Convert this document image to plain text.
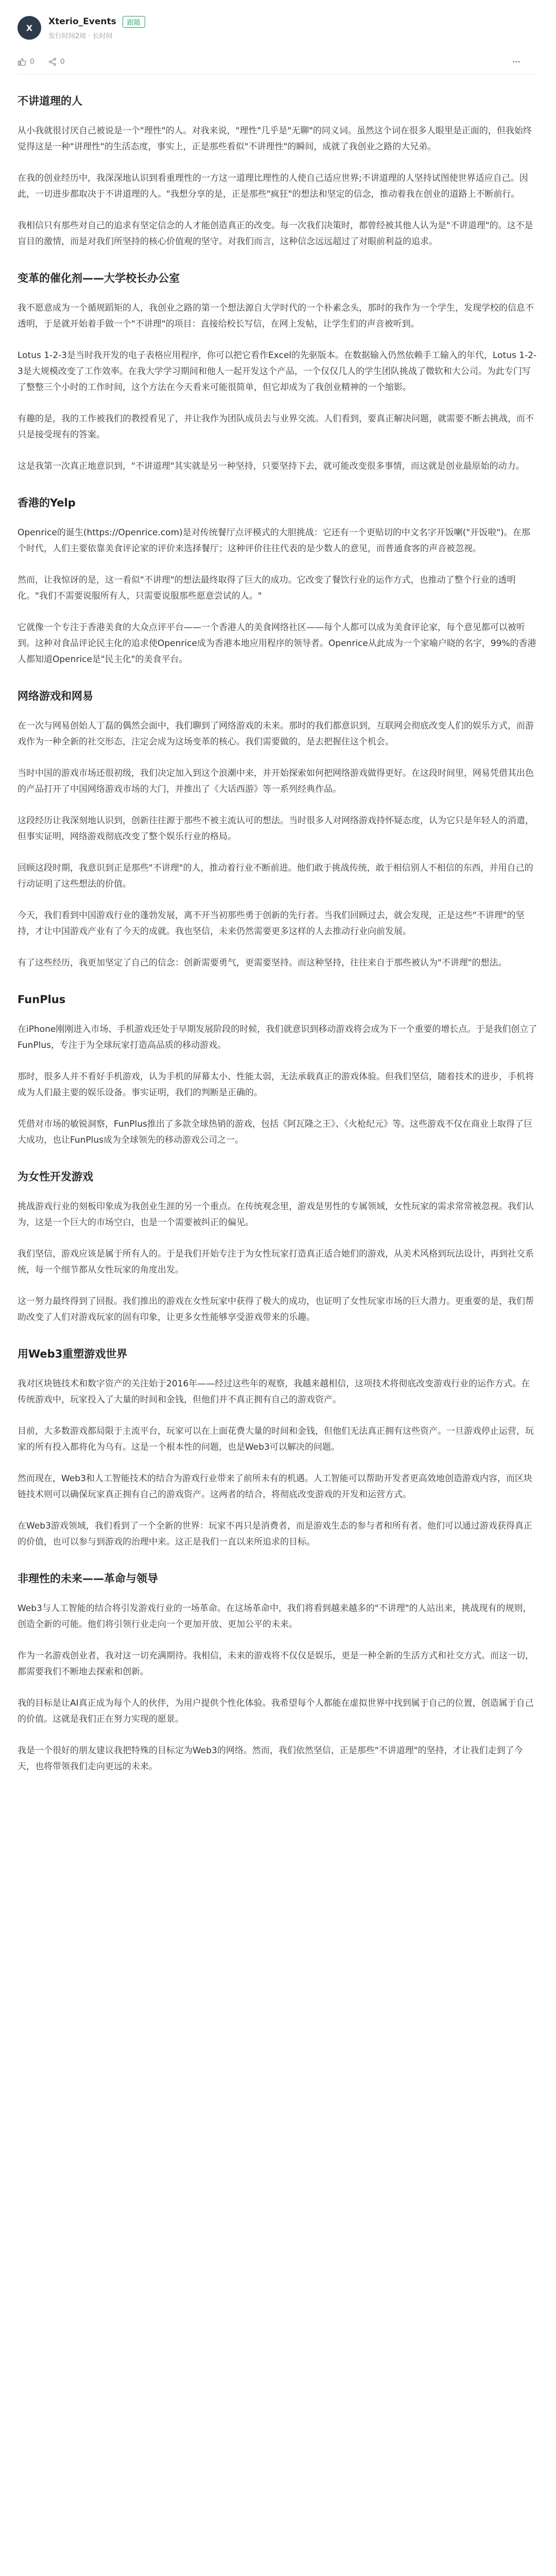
X
Xterio_Events	跟随
发行时间2周 · 长时间
0	0
不讲道理的人

从小我就很讨厌自己被说是一个"理性"的人。对我来说，"理性"几乎是"无聊"的同义词。虽然这个词在很多人眼里是正面的，但我始终觉得这是一种"讲理性"的生活态度，事实上，正是那些看似"不讲理性"的瞬间，成就了我创业之路的大兄弟。

在我的创业经历中，我深深地认识到看重理性的一方这一道理比理性的人使自己适应世界;不讲道理的人坚持试图使世界适应自己。因此，一切进步都取决于不讲道理的人。"我想分享的是，正是那些"疯狂"的想法和坚定的信念，推动着我在创业的道路上不断前行。

我相信只有那些对自己的追求有坚定信念的人才能创造真正的改变。每一次我们决策时，都曾经被其他人认为是"不讲道理"的。这不是盲目的激情，而是对我们所坚持的核心价值观的坚守。对我们而言，这种信念远远超过了对眼前利益的追求。

变革的催化剂——大学校长办公室

我不愿意成为一个循规蹈矩的人，我创业之路的第一个想法源自大学时代的一个朴素念头，那时的我作为一个学生，发现学校的信息不透明，于是就开始着手做一个"不讲理"的项目：直接给校长写信，在网上发帖，让学生们的声音被听到。

Lotus 1-2-3是当时我开发的电子表格应用程序，你可以把它看作Excel的先驱版本。在数据输入仍然依赖手工输入的年代，Lotus 1-2-3是大规模改变了工作效率。在我大学学习期间和他人一起开发这个产品，一个仅仅几人的学生团队挑战了微软和大公司。为此专门写了整整三个小时的工作时间，这个方法在今天看来可能很简单，但它却成为了我创业精神的一个缩影。

有趣的是，我的工作被我们的教授看见了，并让我作为团队成员去与业界交流。人们看到，要真正解决问题，就需要不断去挑战，而不只是接受现有的答案。

这是我第一次真正地意识到，"不讲道理"其实就是另一种坚持，只要坚持下去，就可能改变很多事情，而这就是创业最原始的动力。

香港的Yelp

Openrice的诞生(https://Openrice.com)是对传统餐厅点评模式的大胆挑战：它还有一个更贴切的中文名字开饭喇("开饭啦")。在那个时代，人们主要依靠美食评论家的评价来选择餐厅；这种评价往往代表的是少数人的意见，而普通食客的声音被忽视。

然而，让我惊讶的是，这一看似"不讲理"的想法最终取得了巨大的成功。它改变了餐饮行业的运作方式，也推动了整个行业的透明化。"我们不需要说服所有人，只需要说服那些愿意尝试的人。"

它就像一个专注于香港美食的大众点评平台——一个香港人的美食网络社区——每个人都可以成为美食评论家，每个意见都可以被听到。这种对食品评论民主化的追求使Openrice成为香港本地应用程序的领导者。Openrice从此成为一个家喻户晓的名字，99%的香港人都知道Openrice是"民主化"的美食平台。

网络游戏和网易

在一次与网易创始人丁磊的偶然会面中，我们聊到了网络游戏的未来。那时的我们都意识到，互联网会彻底改变人们的娱乐方式，而游戏作为一种全新的社交形态，注定会成为这场变革的核心。我们需要做的，是去把握住这个机会。

当时中国的游戏市场还很初级，我们决定加入到这个浪潮中来，并开始探索如何把网络游戏做得更好。在这段时间里，网易凭借其出色的产品打开了中国网络游戏市场的大门，并推出了《大话西游》等一系列经典作品。

这段经历让我深刻地认识到，创新往往源于那些不被主流认可的想法。当时很多人对网络游戏持怀疑态度，认为它只是年轻人的消遣，但事实证明，网络游戏彻底改变了整个娱乐行业的格局。

回顾这段时期，我意识到正是那些"不讲理"的人，推动着行业不断前进。他们敢于挑战传统，敢于相信别人不相信的东西，并用自己的行动证明了这些想法的价值。

今天，我们看到中国游戏行业的蓬勃发展，离不开当初那些勇于创新的先行者。当我们回顾过去，就会发现，正是这些"不讲理"的坚持，才让中国游戏产业有了今天的成就。我也坚信，未来仍然需要更多这样的人去推动行业向前发展。

有了这些经历，我更加坚定了自己的信念：创新需要勇气，更需要坚持。而这种坚持，往往来自于那些被认为"不讲理"的想法。

FunPlus

在iPhone刚刚进入市场、手机游戏还处于早期发展阶段的时候，我们就意识到移动游戏将会成为下一个重要的增长点。于是我们创立了FunPlus，专注于为全球玩家打造高品质的移动游戏。

那时，很多人并不看好手机游戏，认为手机的屏幕太小、性能太弱，无法承载真正的游戏体验。但我们坚信，随着技术的进步，手机将成为人们最主要的娱乐设备。事实证明，我们的判断是正确的。

凭借对市场的敏锐洞察，FunPlus推出了多款全球热销的游戏，包括《阿瓦隆之王》、《火枪纪元》等。这些游戏不仅在商业上取得了巨大成功，也让FunPlus成为全球领先的移动游戏公司之一。

为女性开发游戏

挑战游戏行业的刻板印象成为我创业生涯的另一个重点。在传统观念里，游戏是男性的专属领域，女性玩家的需求常常被忽视。我们认为，这是一个巨大的市场空白，也是一个需要被纠正的偏见。

我们坚信，游戏应该是属于所有人的。于是我们开始专注于为女性玩家打造真正适合她们的游戏，从美术风格到玩法设计，再到社交系统，每一个细节都从女性玩家的角度出发。

这一努力最终得到了回报。我们推出的游戏在女性玩家中获得了极大的成功，也证明了女性玩家市场的巨大潜力。更重要的是，我们帮助改变了人们对游戏玩家的固有印象，让更多女性能够享受游戏带来的乐趣。

用Web3重塑游戏世界

我对区块链技术和数字资产的关注始于2016年——经过这些年的观察，我越来越相信，这项技术将彻底改变游戏行业的运作方式。在传统游戏中，玩家投入了大量的时间和金钱，但他们并不真正拥有自己的游戏资产。

目前，大多数游戏都局限于主流平台，玩家可以在上面花费大量的时间和金钱，但他们无法真正拥有这些资产。一旦游戏停止运营，玩家的所有投入都将化为乌有。这是一个根本性的问题，也是Web3可以解决的问题。

然而现在，Web3和人工智能技术的结合为游戏行业带来了前所未有的机遇。人工智能可以帮助开发者更高效地创造游戏内容，而区块链技术则可以确保玩家真正拥有自己的游戏资产。这两者的结合，将彻底改变游戏的开发和运营方式。

在Web3游戏领域，我们看到了一个全新的世界：玩家不再只是消费者，而是游戏生态的参与者和所有者。他们可以通过游戏获得真正的价值，也可以参与到游戏的治理中来。这正是我们一直以来所追求的目标。

非理性的未来——革命与领导

Web3与人工智能的结合将引发游戏行业的一场革命。在这场革命中，我们将看到越来越多的"不讲理"的人站出来，挑战现有的规则，创造全新的可能。他们将引领行业走向一个更加开放、更加公平的未来。

作为一名游戏创业者，我对这一切充满期待。我相信，未来的游戏将不仅仅是娱乐，更是一种全新的生活方式和社交方式。而这一切，都需要我们不断地去探索和创新。

我的目标是让AI真正成为每个人的伙伴，为用户提供个性化体验。我希望每个人都能在虚拟世界中找到属于自己的位置，创造属于自己的价值。这就是我们正在努力实现的愿景。

我是一个很好的朋友建议我把特殊的目标定为Web3的网络。然而，我们依然坚信，正是那些"不讲道理"的坚持，才让我们走到了今天，也将带领我们走向更远的未来。
